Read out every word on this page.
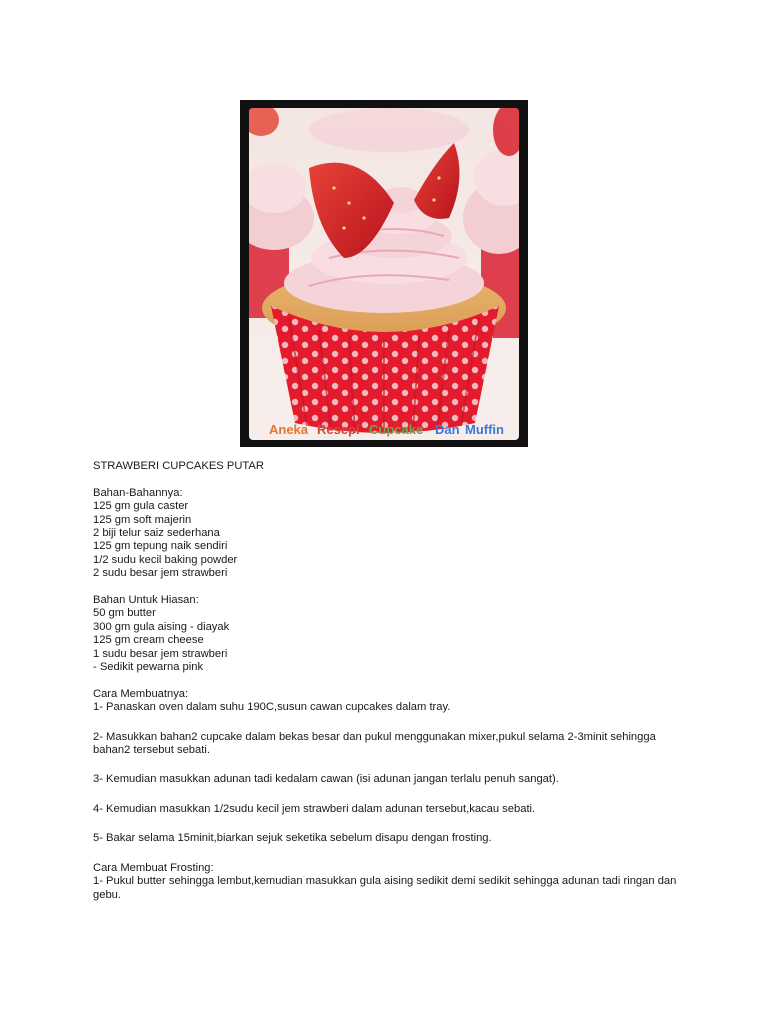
Aneka Resepi Cupcake Dan Muffin
STRAWBERI CUPCAKES PUTAR
Bahan-Bahannya:
125 gm gula caster
125 gm soft majerin
2 biji telur saiz sederhana
125 gm tepung naik sendiri
1/2 sudu kecil baking powder
2 sudu besar jem strawberi
Bahan Untuk Hiasan:
50 gm butter
300 gm gula aising - diayak
125 gm cream cheese
1 sudu besar jem strawberi
- Sedikit pewarna pink
Cara Membuatnya:
1- Panaskan oven dalam suhu 190C,susun cawan cupcakes dalam tray.
2- Masukkan bahan2 cupcake dalam bekas besar dan pukul menggunakan mixer,pukul selama 2-3minit sehingga bahan2 tersebut sebati.
3- Kemudian masukkan adunan tadi kedalam cawan (isi adunan jangan terlalu penuh sangat).
4- Kemudian masukkan 1/2sudu kecil jem strawberi dalam adunan tersebut,kacau sebati.
5- Bakar selama 15minit,biarkan sejuk seketika sebelum disapu dengan frosting.
Cara Membuat Frosting:
1- Pukul butter sehingga lembut,kemudian masukkan gula aising sedikit demi sedikit sehingga adunan tadi ringan dan gebu.
